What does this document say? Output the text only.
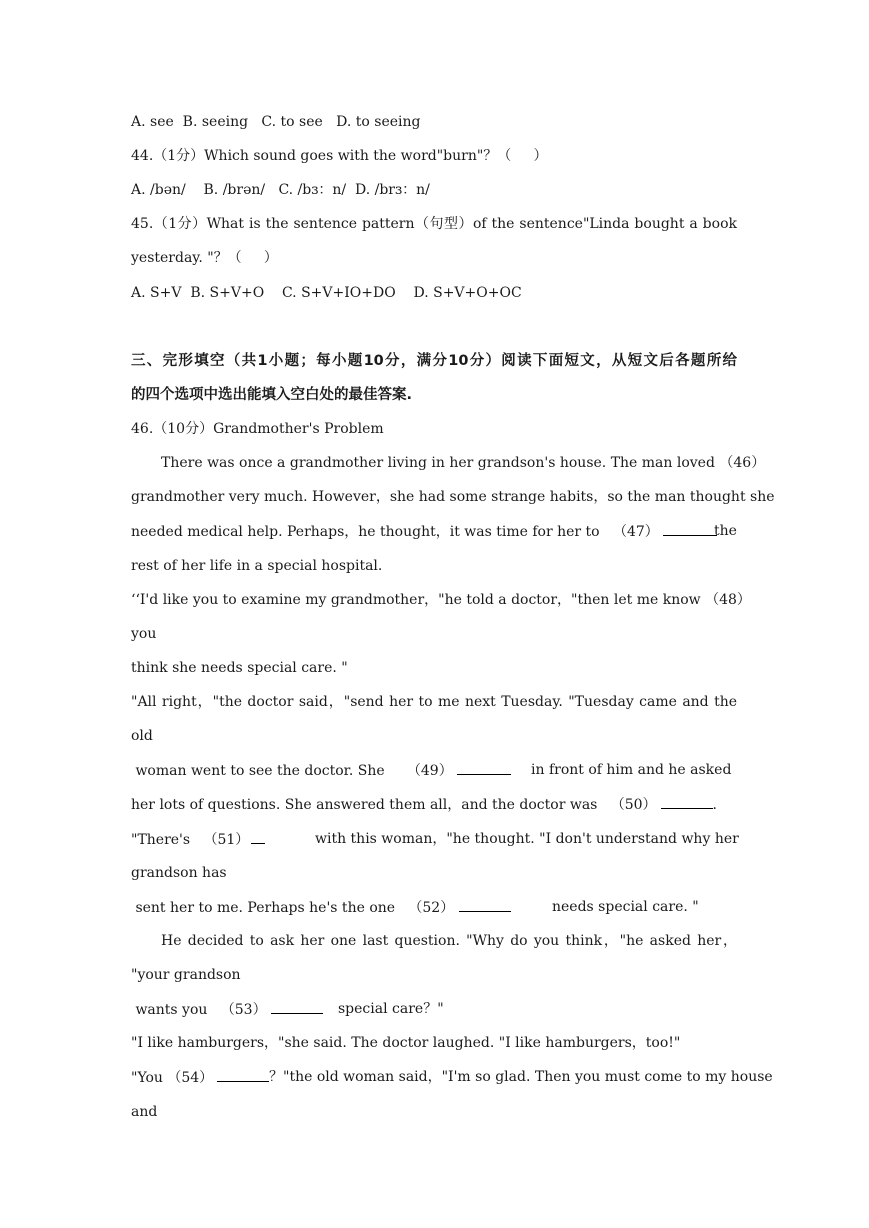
A. see  B. seeing   C. to see   D. to seeing
44.（1分）Which sound goes with the word"burn"？（     ）
A. /bən/    B. /brən/   C. /bɜ：n/  D. /brɜ：n/
45.（1分）What is the sentence pattern（句型）of the sentence"Linda bought a book
yesterday. "？（     ）
A. S+V  B. S+V+O    C. S+V+IO+DO    D. S+V+O+OC
三、完形填空（共1小题；每小题10分，满分10分）阅读下面短文，从短文后各题所给
的四个选项中选出能填入空白处的最佳答案.
46.（10分）Grandmother's Problem
There was once a grandmother living in her grandson's house. The man loved （46）
grandmother very much. However，she had some strange habits，so the man thought she
needed medical help. Perhaps，he thought，it was time for her to   （47）	the
rest of her life in a special hospital.
‘‘I'd like you to examine my grandmother，"he told a doctor，"then let me know （48）
you
think she needs special care. "
"All right，"the doctor said，"send her to me next Tuesday. "Tuesday came and the
old
woman went to see the doctor. She     （49）	in front of him and he asked
her lots of questions. She answered them all，and the doctor was   （50）	.
"There's   （51）	with this woman，"he thought. "I don't understand why her
grandson has
sent her to me. Perhaps he's the one   （52）	needs special care. "
He decided to ask her one last question. "Why do you think，"he asked her，
"your grandson
wants you   （53）	special care？"
"I like hamburgers，"she said. The doctor laughed. "I like hamburgers，too!"
"You （54）	？"the old woman said，"I'm so glad. Then you must come to my house
and
